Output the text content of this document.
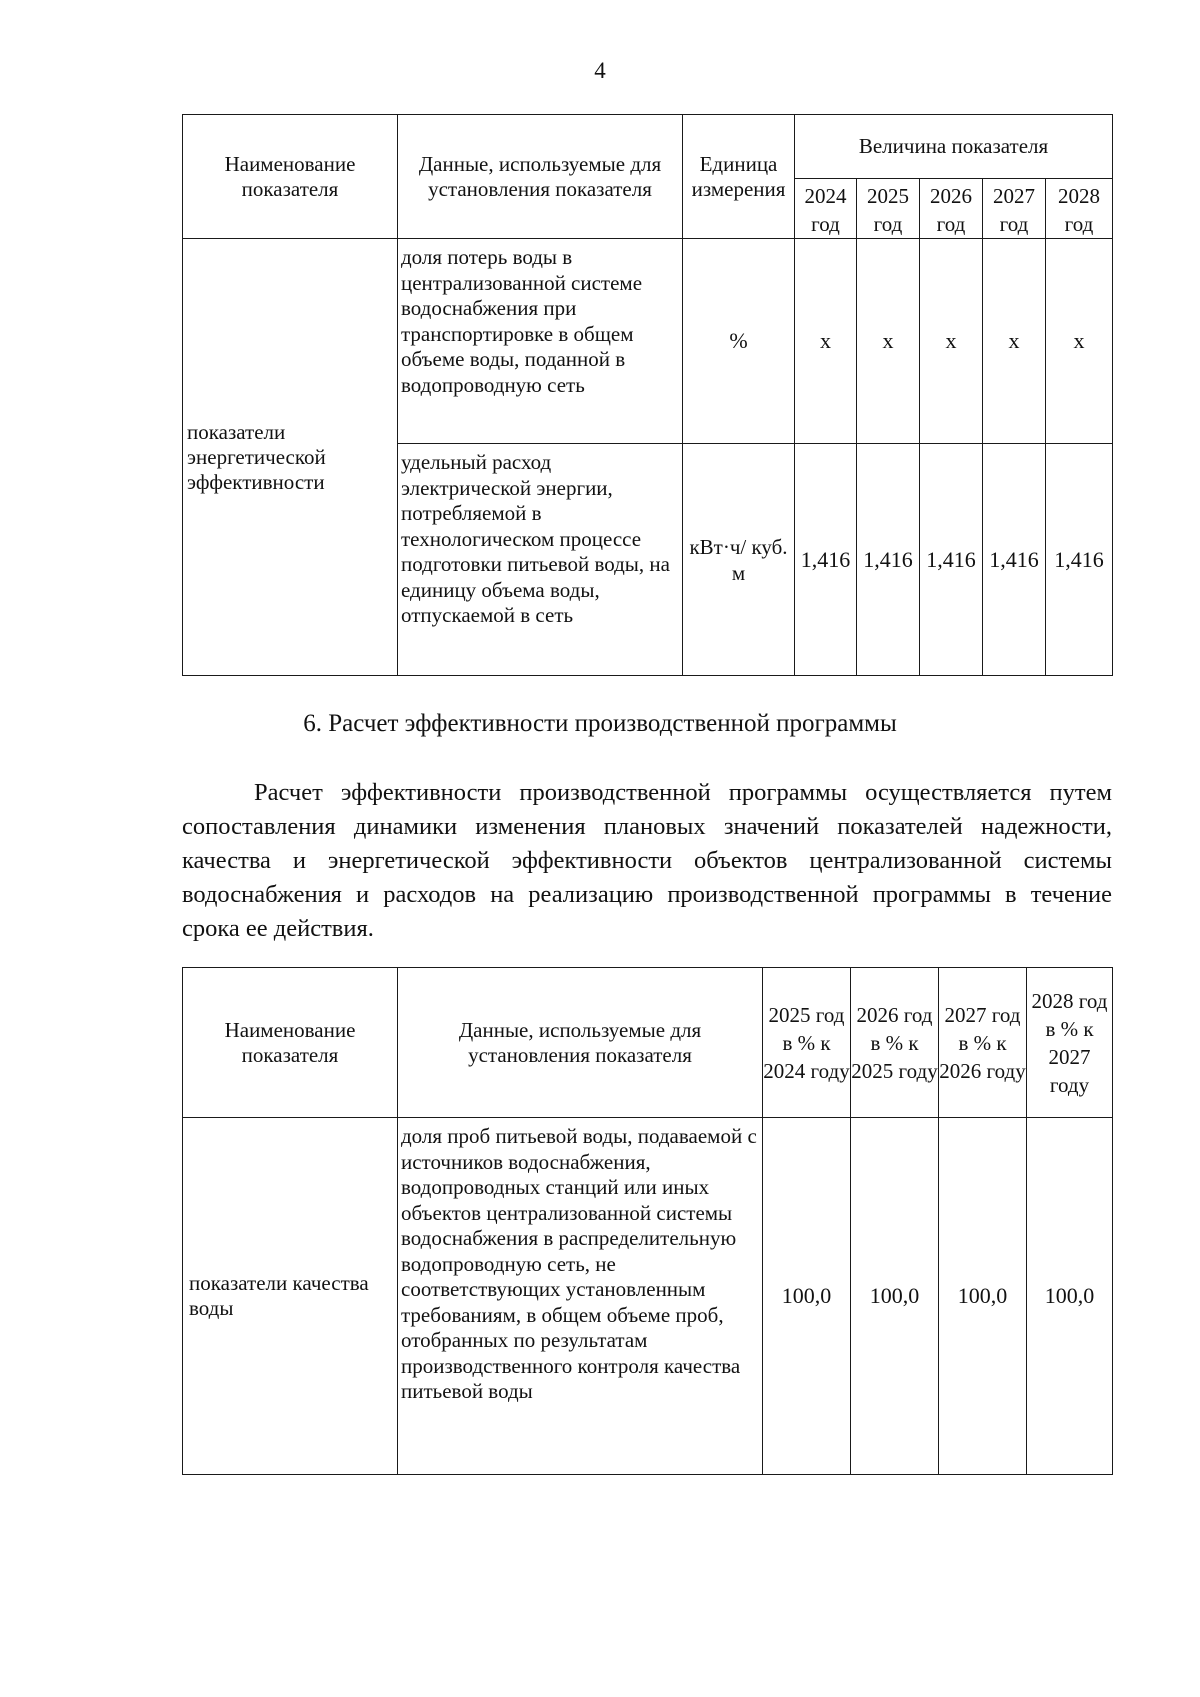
4
Наименование показателя	Данные, используемые для установления показателя	Единица измерения	Величина показателя				
			2024 год	2025 год	2026 год	2027 год	2028 год
показатели энергетической эффективности	доля потерь воды в централизованной системе водоснабжения при транспортировке в общем объеме воды, поданной в водопроводную сеть	%	x	x	x	x	x
	удельный расход электрической энергии, потребляемой в технологическом процессе подготовки питьевой воды, на единицу объема воды, отпускаемой в сеть	кВт·ч/ куб. м	1,416	1,416	1,416	1,416	1,416
6. Расчет эффективности производственной программы

Расчет эффективности производственной программы осуществляется путем сопоставления динамики изменения плановых значений показателей надежности, качества и энергетической эффективности объектов централизованной системы водоснабжения и расходов на реализацию производственной программы в течение срока ее действия.

Наименование показателя	Данные, используемые для установления показателя	2025 год в % к 2024 году	2026 год в % к 2025 году	2027 год в % к 2026 году	2028 год в % к 2027 году
показатели качества воды	доля проб питьевой воды, подаваемой с источников водоснабжения, водопроводных станций или иных объектов централизованной системы водоснабжения в распределительную водопроводную сеть, не соответствующих установленным требованиям, в общем объеме проб, отобранных по результатам производственного контроля качества питьевой воды	100,0	100,0	100,0	100,0
